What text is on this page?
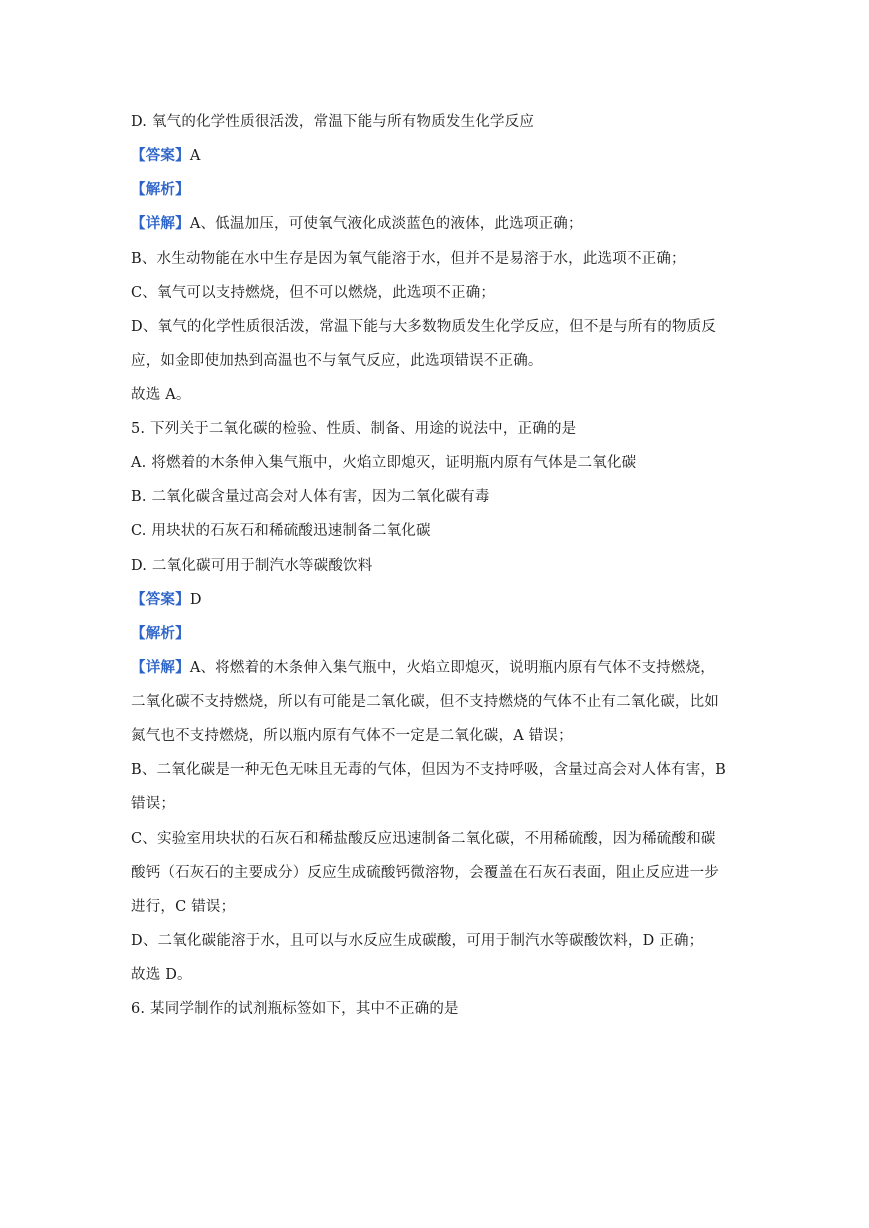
D. 氧气的化学性质很活泼，常温下能与所有物质发生化学反应
【答案】A
【解析】
【详解】A、低温加压，可使氧气液化成淡蓝色的液体，此选项正确；
B、水生动物能在水中生存是因为氧气能溶于水，但并不是易溶于水，此选项不正确；
C、氧气可以支持燃烧，但不可以燃烧，此选项不正确；
D、氧气的化学性质很活泼，常温下能与大多数物质发生化学反应，但不是与所有的物质反
应，如金即使加热到高温也不与氧气反应，此选项错误不正确。
故选 A。
5. 下列关于二氧化碳的检验、性质、制备、用途的说法中，正确的是
A. 将燃着的木条伸入集气瓶中，火焰立即熄灭，证明瓶内原有气体是二氧化碳
B. 二氧化碳含量过高会对人体有害，因为二氧化碳有毒
C. 用块状的石灰石和稀硫酸迅速制备二氧化碳
D. 二氧化碳可用于制汽水等碳酸饮料
【答案】D
【解析】
【详解】A、将燃着的木条伸入集气瓶中，火焰立即熄灭，说明瓶内原有气体不支持燃烧，
二氧化碳不支持燃烧，所以有可能是二氧化碳，但不支持燃烧的气体不止有二氧化碳，比如
氮气也不支持燃烧，所以瓶内原有气体不一定是二氧化碳，A 错误；
B、二氧化碳是一种无色无味且无毒的气体，但因为不支持呼吸，含量过高会对人体有害，B
错误；
C、实验室用块状的石灰石和稀盐酸反应迅速制备二氧化碳，不用稀硫酸，因为稀硫酸和碳
酸钙（石灰石的主要成分）反应生成硫酸钙微溶物，会覆盖在石灰石表面，阻止反应进一步
进行，C 错误；
D、二氧化碳能溶于水，且可以与水反应生成碳酸，可用于制汽水等碳酸饮料，D 正确；
故选 D。
6. 某同学制作的试剂瓶标签如下，其中不正确的是
